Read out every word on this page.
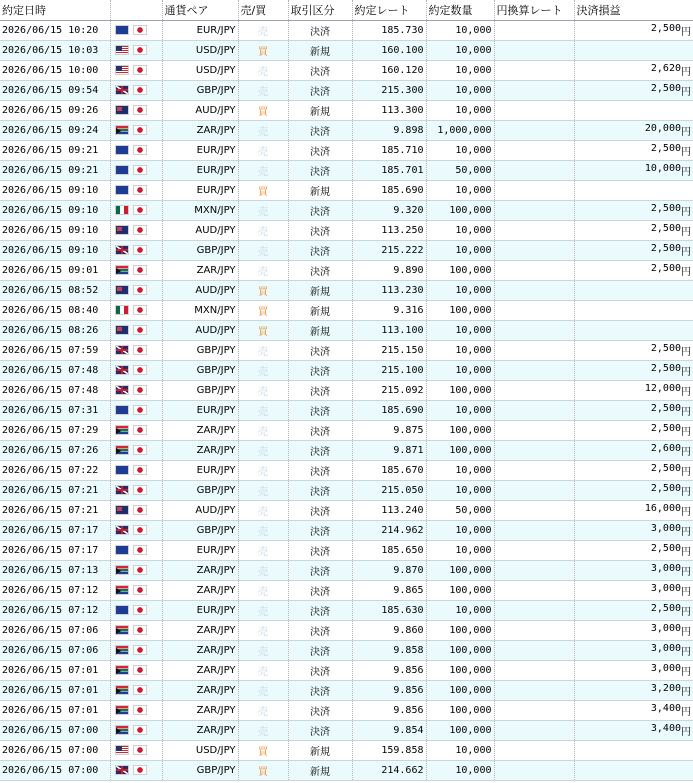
約定日時		通貨ペア	売/買	取引区分	約定レート	約定数量	円換算レート	決済損益
2026/06/15 10:20		EUR/JPY	売	決済	185.730	10,000		2,500 円

2026/06/15 10:03		USD/JPY	買	新規	160.100	10,000		

2026/06/15 10:00		USD/JPY	売	決済	160.120	10,000		2,620 円

2026/06/15 09:54		GBP/JPY	売	決済	215.300	10,000		2,500 円

2026/06/15 09:26		AUD/JPY	買	新規	113.300	10,000		

2026/06/15 09:24		ZAR/JPY	売	決済	9.898	1,000,000		20,000 円

2026/06/15 09:21		EUR/JPY	売	決済	185.710	10,000		2,500 円

2026/06/15 09:21		EUR/JPY	売	決済	185.701	50,000		10,000 円

2026/06/15 09:10		EUR/JPY	買	新規	185.690	10,000		

2026/06/15 09:10		MXN/JPY	売	決済	9.320	100,000		2,500 円

2026/06/15 09:10		AUD/JPY	売	決済	113.250	10,000		2,500 円

2026/06/15 09:10		GBP/JPY	売	決済	215.222	10,000		2,500 円

2026/06/15 09:01		ZAR/JPY	売	決済	9.890	100,000		2,500 円

2026/06/15 08:52		AUD/JPY	買	新規	113.230	10,000		

2026/06/15 08:40		MXN/JPY	買	新規	9.316	100,000		

2026/06/15 08:26		AUD/JPY	買	新規	113.100	10,000		

2026/06/15 07:59		GBP/JPY	売	決済	215.150	10,000		2,500 円

2026/06/15 07:48		GBP/JPY	売	決済	215.100	10,000		2,500 円

2026/06/15 07:48		GBP/JPY	売	決済	215.092	100,000		12,000 円

2026/06/15 07:31		EUR/JPY	売	決済	185.690	10,000		2,500 円

2026/06/15 07:29		ZAR/JPY	売	決済	9.875	100,000		2,500 円

2026/06/15 07:26		ZAR/JPY	売	決済	9.871	100,000		2,600 円

2026/06/15 07:22		EUR/JPY	売	決済	185.670	10,000		2,500 円

2026/06/15 07:21		GBP/JPY	売	決済	215.050	10,000		2,500 円

2026/06/15 07:21		AUD/JPY	売	決済	113.240	50,000		16,000 円

2026/06/15 07:17		GBP/JPY	売	決済	214.962	10,000		3,000 円

2026/06/15 07:17		EUR/JPY	売	決済	185.650	10,000		2,500 円

2026/06/15 07:13		ZAR/JPY	売	決済	9.870	100,000		3,000 円

2026/06/15 07:12		ZAR/JPY	売	決済	9.865	100,000		3,000 円

2026/06/15 07:12		EUR/JPY	売	決済	185.630	10,000		2,500 円

2026/06/15 07:06		ZAR/JPY	売	決済	9.860	100,000		3,000 円

2026/06/15 07:06		ZAR/JPY	売	決済	9.858	100,000		3,000 円

2026/06/15 07:01		ZAR/JPY	売	決済	9.856	100,000		3,000 円

2026/06/15 07:01		ZAR/JPY	売	決済	9.856	100,000		3,200 円

2026/06/15 07:01		ZAR/JPY	売	決済	9.856	100,000		3,400 円

2026/06/15 07:00		ZAR/JPY	売	決済	9.854	100,000		3,400 円

2026/06/15 07:00		USD/JPY	買	新規	159.858	10,000		

2026/06/15 07:00		GBP/JPY	買	新規	214.662	10,000		
